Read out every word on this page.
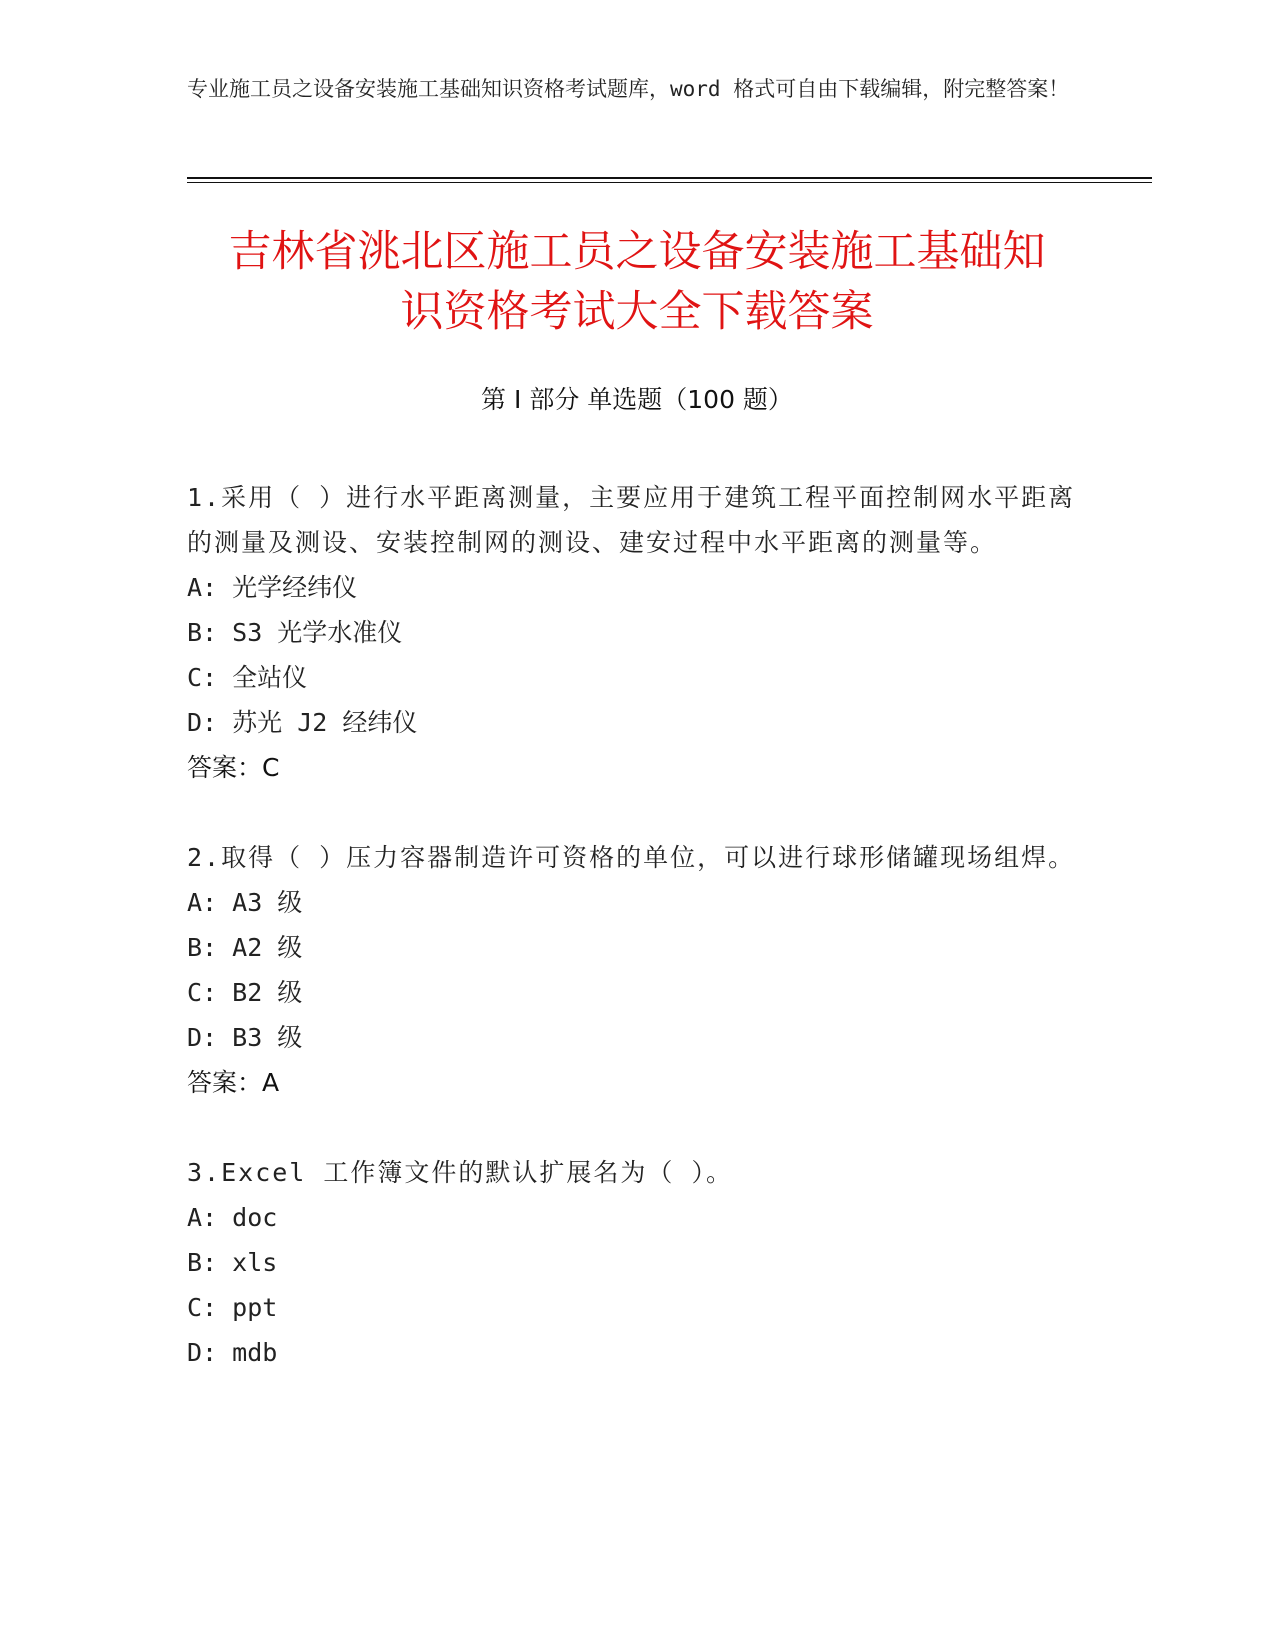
专业施工员之设备安装施工基础知识资格考试题库，word 格式可自由下载编辑，附完整答案！
吉林省洮北区施工员之设备安装施工基础知
识资格考试大全下载答案
第 I 部分 单选题（100 题）

1.采用（ ）进行水平距离测量，主要应用于建筑工程平面控制网水平距离的测量及测设、安装控制网的测设、建安过程中水平距离的测量等。

A: 光学经纬仪

B: S3 光学水准仪

C: 全站仪

D: 苏光 J2 经纬仪

答案：C

2.取得（ ）压力容器制造许可资格的单位，可以进行球形储罐现场组焊。

A: A3 级

B: A2 级

C: B2 级

D: B3 级

答案：A

3.Excel 工作簿文件的默认扩展名为（ ）。

A: doc

B: xls

C: ppt

D: mdb
